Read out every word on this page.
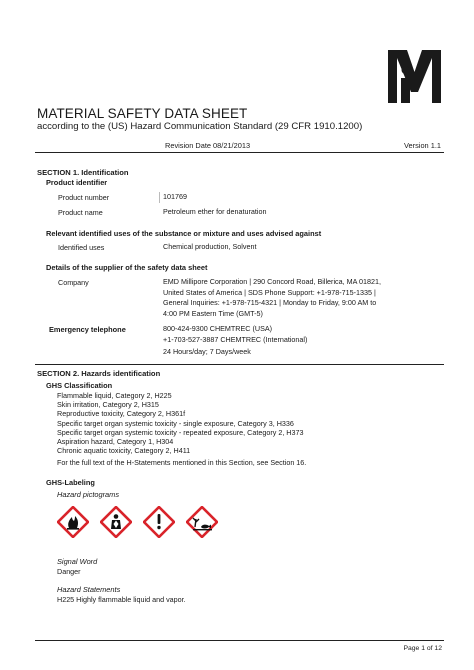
MATERIAL SAFETY DATA SHEET
according to the (US) Hazard Communication Standard (29 CFR 1910.1200)
Revision Date 08/21/2013	Version 1.1
SECTION 1. Identification
Product identifier
Product number	101769
Product name	Petroleum ether for denaturation
Relevant identified uses of the substance or mixture and uses advised against
Identified uses	Chemical production, Solvent
Details of the supplier of the safety data sheet
Company	EMD Millipore Corporation | 290 Concord Road, Billerica, MA 01821,
United States of America | SDS Phone Support: +1-978-715-1335 |
General Inquiries: +1-978-715-4321 | Monday to Friday, 9:00 AM to
4:00 PM Eastern Time (GMT-5)
Emergency telephone	800-424-9300 CHEMTREC (USA)
+1-703-527-3887 CHEMTREC (International)
24 Hours/day; 7 Days/week
SECTION 2. Hazards identification
GHS Classification
Flammable liquid, Category 2, H225
Skin irritation, Category 2, H315
Reproductive toxicity, Category 2, H361f
Specific target organ systemic toxicity - single exposure, Category 3, H336
Specific target organ systemic toxicity - repeated exposure, Category 2, H373
Aspiration hazard, Category 1, H304
Chronic aquatic toxicity, Category 2, H411
For the full text of the H-Statements mentioned in this Section, see Section 16.
GHS-Labeling
Hazard pictograms
Signal Word
Danger
Hazard Statements
H225 Highly flammable liquid and vapor.
Page 1 of 12
